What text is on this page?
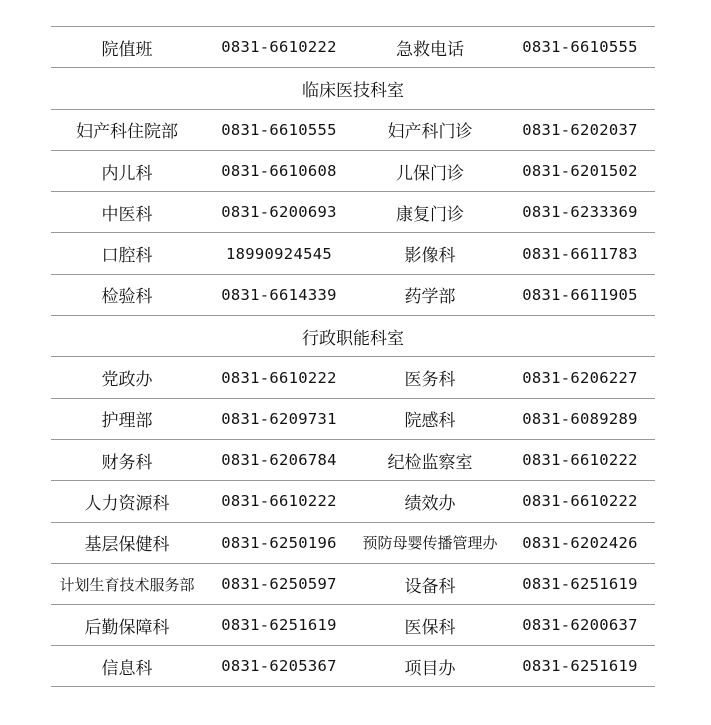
院值班	0831-6610222	急救电话	0831-6610555
临床医技科室
妇产科住院部	0831-6610555	妇产科门诊	0831-6202037
内儿科	0831-6610608	儿保门诊	0831-6201502
中医科	0831-6200693	康复门诊	0831-6233369
口腔科	18990924545	影像科	0831-6611783
检验科	0831-6614339	药学部	0831-6611905
行政职能科室
党政办	0831-6610222	医务科	0831-6206227
护理部	0831-6209731	院感科	0831-6089289
财务科	0831-6206784	纪检监察室	0831-6610222
人力资源科	0831-6610222	绩效办	0831-6610222
基层保健科	0831-6250196	预防母婴传播管理办	0831-6202426
计划生育技术服务部	0831-6250597	设备科	0831-6251619
后勤保障科	0831-6251619	医保科	0831-6200637
信息科	0831-6205367	项目办	0831-6251619
